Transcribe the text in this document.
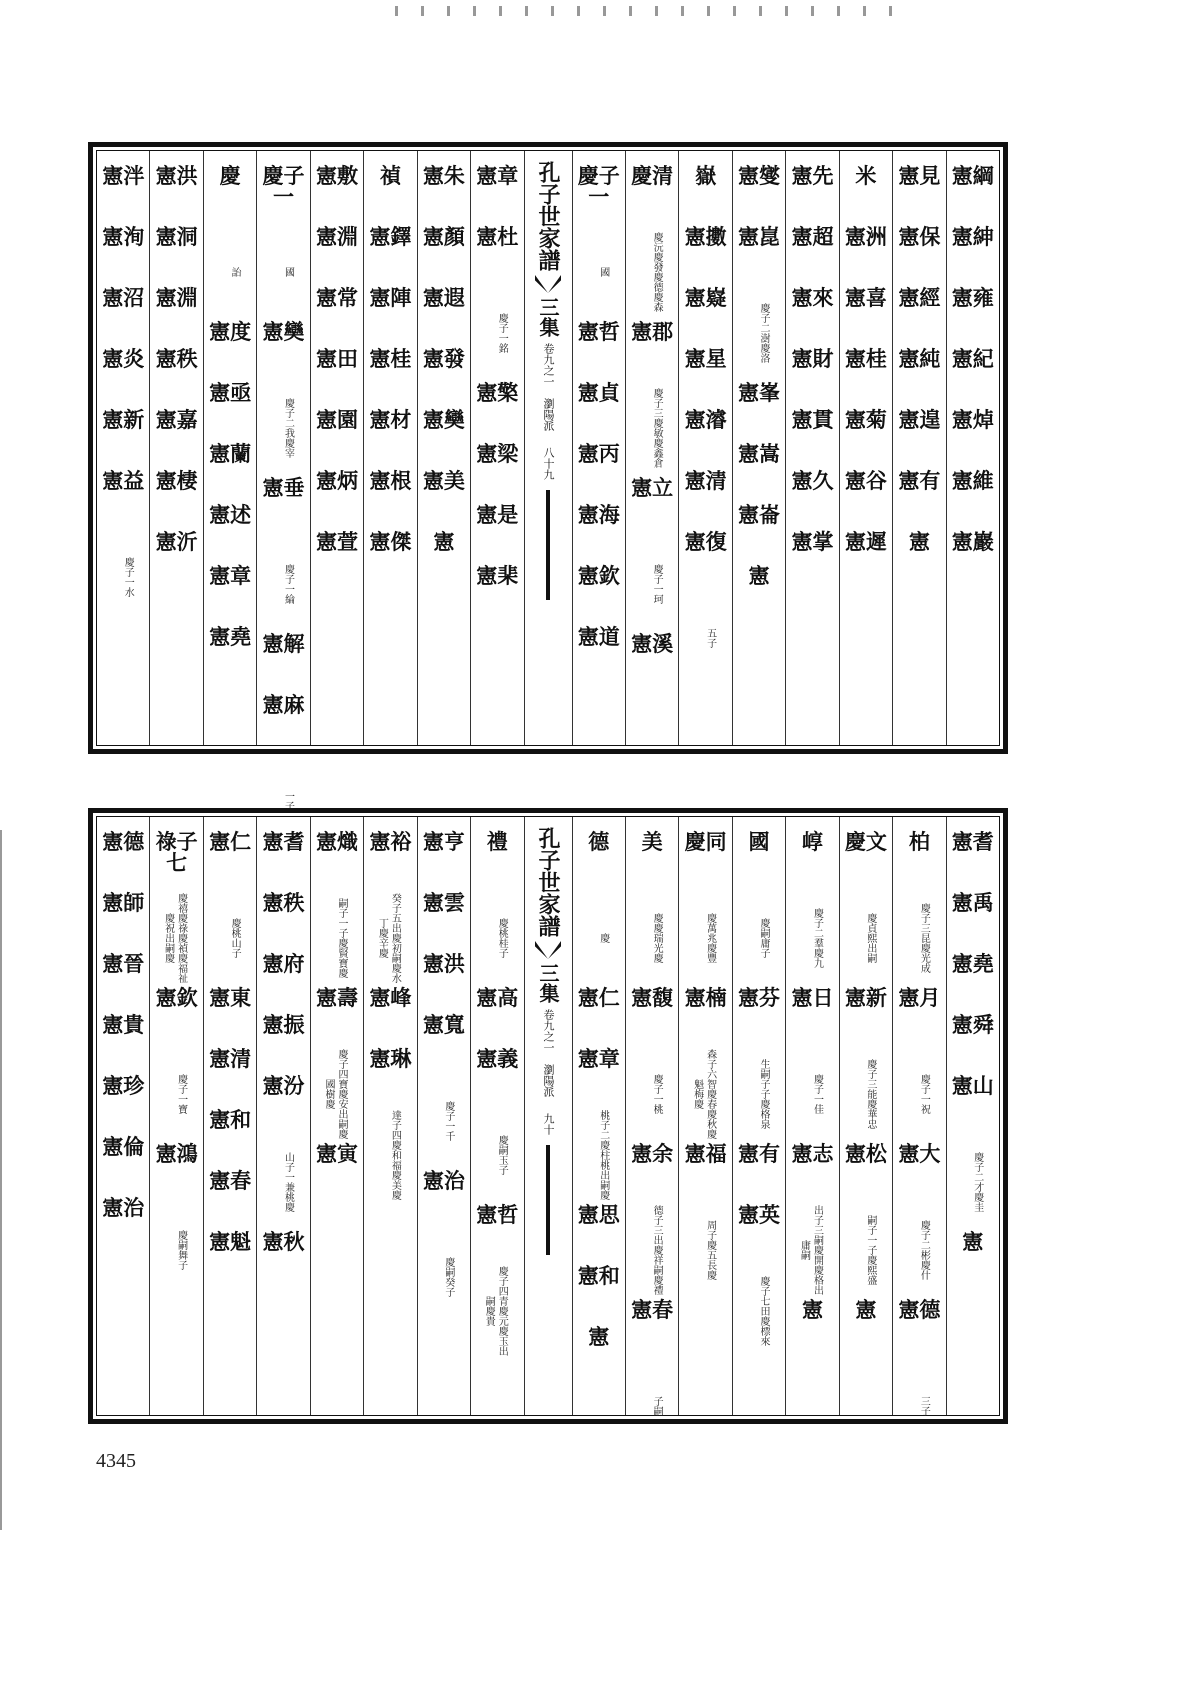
憲綱
憲紳
憲雍
憲紀
憲焯
憲維
憲巖
憲見
憲保
憲經
憲純
憲遑
憲有
憲
米
憲洲
憲喜
憲桂
憲菊
憲谷
憲遲
憲先
憲超
憲來
憲財
憲貫
憲久
憲掌
憲燮
憲崑
慶子二澍慶洛
憲峯
憲嵩
憲崙
憲
嶽
憲擻
憲嶷
憲星
憲濬
憲清
憲復
五子
慶清
慶沅慶發慶德慶森
憲郡
慶子三慶敏慶鑫倉
憲立
慶子一珂
憲溪
慶子一
國
憲哲
憲貞
憲丙
憲海
憲欽
憲道
孔子世家譜
三集
卷九之一　瀏陽派
八十九
憲章
憲杜
慶子一銘
憲檠
憲梁
憲是
憲棐
憲朱
憲顏
憲遐
憲發
憲奱
憲美
憲
禎
憲鐸
憲陣
憲桂
憲材
憲根
憲傑
憲敷
憲淵
憲常
憲田
憲園
憲炳
憲萱
慶子一
國
憲奱
慶子二我慶宰
憲垂
慶子一綸
憲解
憲麻
一子
慶
詒
憲度
憲亟
憲蘭
憲述
憲章
憲堯
憲洪
憲洞
憲淵
憲秩
憲嘉
憲棲
憲沂
憲泮
憲洵
憲沼
憲炎
憲新
憲益
慶子一水
憲耆
憲禹
憲堯
憲舜
憲山
慶子二才慶圭
憲
柏
慶子三昆慶光成
憲月
慶子一祝
憲大
慶子二彬慶什
憲德
三子
慶文
慶貞熙出嗣
憲新
慶子三能慶華忠
憲松
嗣子一子慶熙盛
憲
崞
慶子二羣慶九
憲日
慶子一佳
憲志
出子三嗣慶開慶格出庸嗣
憲
國
慶嗣庸子
憲芬
生嗣子子慶格泉
憲有
憲英
慶子七田慶標來
慶同
慶萬兆慶豐
憲楠
森子六智慶春慶秋慶魁梅慶
憲福
周子慶五長慶
美
慶慶瑞光慶
憲馥
慶子一桃
憲余
德子三出慶祥嗣慶禮
憲春
子嗣
德
慶
憲仁
憲章
桃子二慶柱桃出嗣慶
憲思
憲和
憲
孔子世家譜
三集
卷九之一　瀏陽派
九十
禮
慶桃桂子
憲高
憲義
慶嗣玉子
憲哲
慶子四青慶元慶玉出嗣慶貴
憲亨
憲雲
憲洪
憲寬
慶子一千
憲治
慶嗣癸子
憲裕
癸子五出慶初嗣慶水丁慶辛慶
憲峰
憲琳
達子四慶和福慶美慶
憲熾
嗣子一子慶賢寶慶
憲壽
慶子四寶慶安出嗣慶國樹慶
憲寅
憲耆
憲秩
憲府
憲振
憲汾
山子一兼桃慶
憲秋
憲仁
慶桃山子
憲東
憲清
憲和
憲春
憲魁
祿子七
慶禧慶祿慶禎慶福祉慶祝出嗣慶
憲欽
慶子一寶
憲鴻
慶嗣舞子
憲德
憲師
憲晉
憲貴
憲珍
憲倫
憲治
4345
